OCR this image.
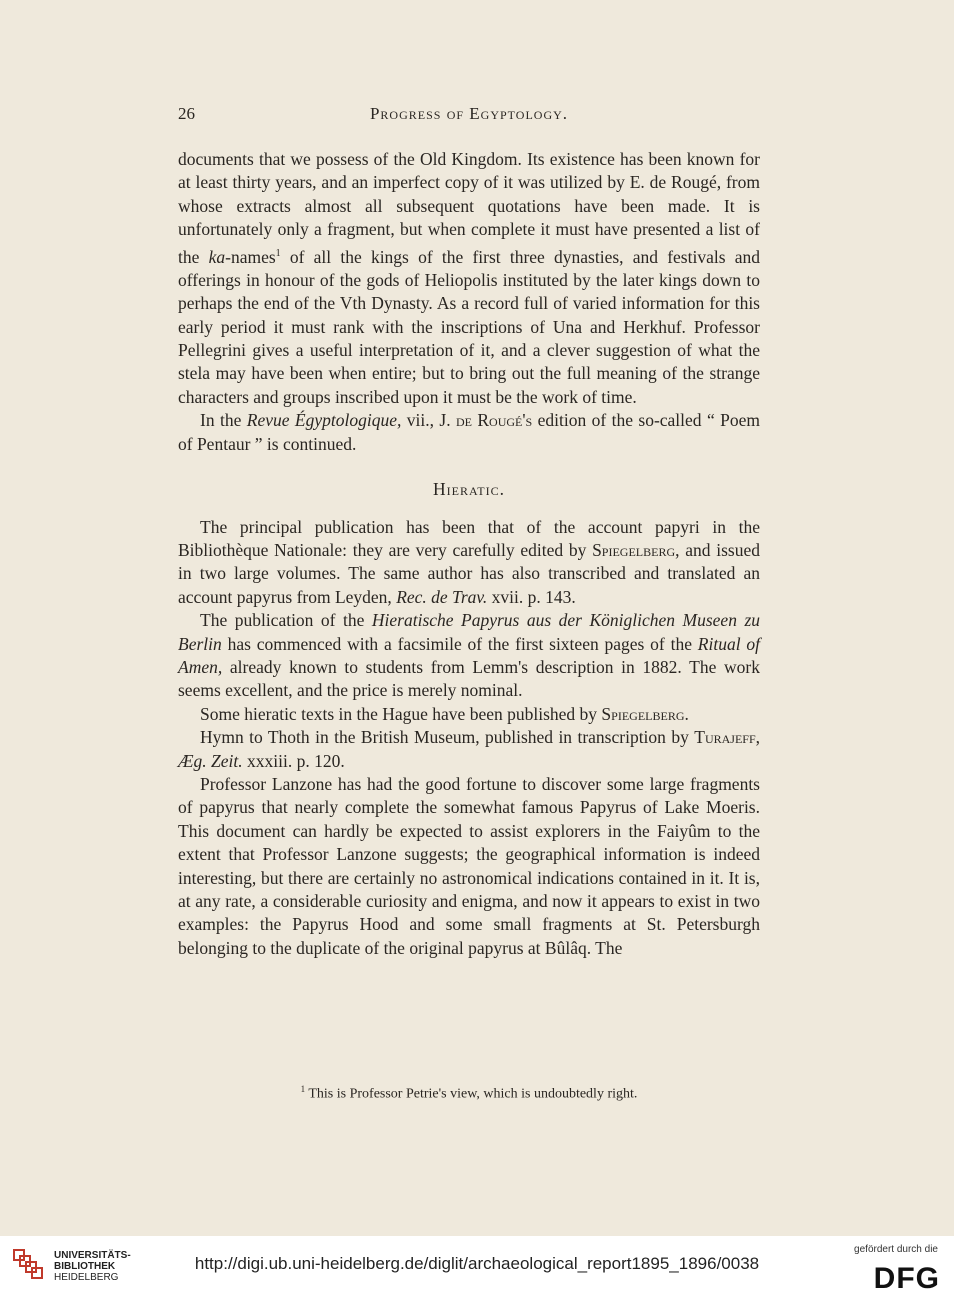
26	Progress of Egyptology.

documents that we possess of the Old Kingdom. Its existence has been known for at least thirty years, and an imperfect copy of it was utilized by E. de Rougé, from whose extracts almost all subsequent quotations have been made. It is unfortunately only a fragment, but when complete it must have presented a list of the ka-names$^1$ of all the kings of the first three dynasties, and festivals and offerings in honour of the gods of Heliopolis instituted by the later kings down to perhaps the end of the Vth Dynasty. As a record full of varied information for this early period it must rank with the inscriptions of Una and Herkhuf. Professor Pellegrini gives a useful interpretation of it, and a clever suggestion of what the stela may have been when entire; but to bring out the full meaning of the strange characters and groups inscribed upon it must be the work of time.

In the Revue Égyptologique, vii., J. de Rougé's edition of the so-called “ Poem of Pentaur ” is continued.

Hieratic.

The principal publication has been that of the account papyri in the Bibliothèque Nationale: they are very carefully edited by Spiegelberg, and issued in two large volumes. The same author has also transcribed and translated an account papyrus from Leyden, Rec. de Trav. xvii. p. 143.

The publication of the Hieratische Papyrus aus der Königlichen Museen zu Berlin has commenced with a facsimile of the first sixteen pages of the Ritual of Amen, already known to students from Lemm's description in 1882. The work seems excellent, and the price is merely nominal.

Some hieratic texts in the Hague have been published by Spiegelberg.

Hymn to Thoth in the British Museum, published in transcription by Turajeff, Æg. Zeit. xxxiii. p. 120.

Professor Lanzone has had the good fortune to discover some large fragments of papyrus that nearly complete the somewhat famous Papyrus of Lake Moeris. This document can hardly be expected to assist explorers in the Faiyûm to the extent that Professor Lanzone suggests; the geographical information is indeed interesting, but there are certainly no astronomical indications contained in it. It is, at any rate, a considerable curiosity and enigma, and now it appears to exist in two examples: the Papyrus Hood and some small fragments at St. Petersburgh belonging to the duplicate of the original papyrus at Bûlâq. The

$^1$ This is Professor Petrie's view, which is undoubtedly right.
UNIVERSITÄTS-
BIBLIOTHEK
HEIDELBERG
http://digi.ub.uni-heidelberg.de/diglit/archaeological_report1895_1896/0038
gefördert durch die
DFG
